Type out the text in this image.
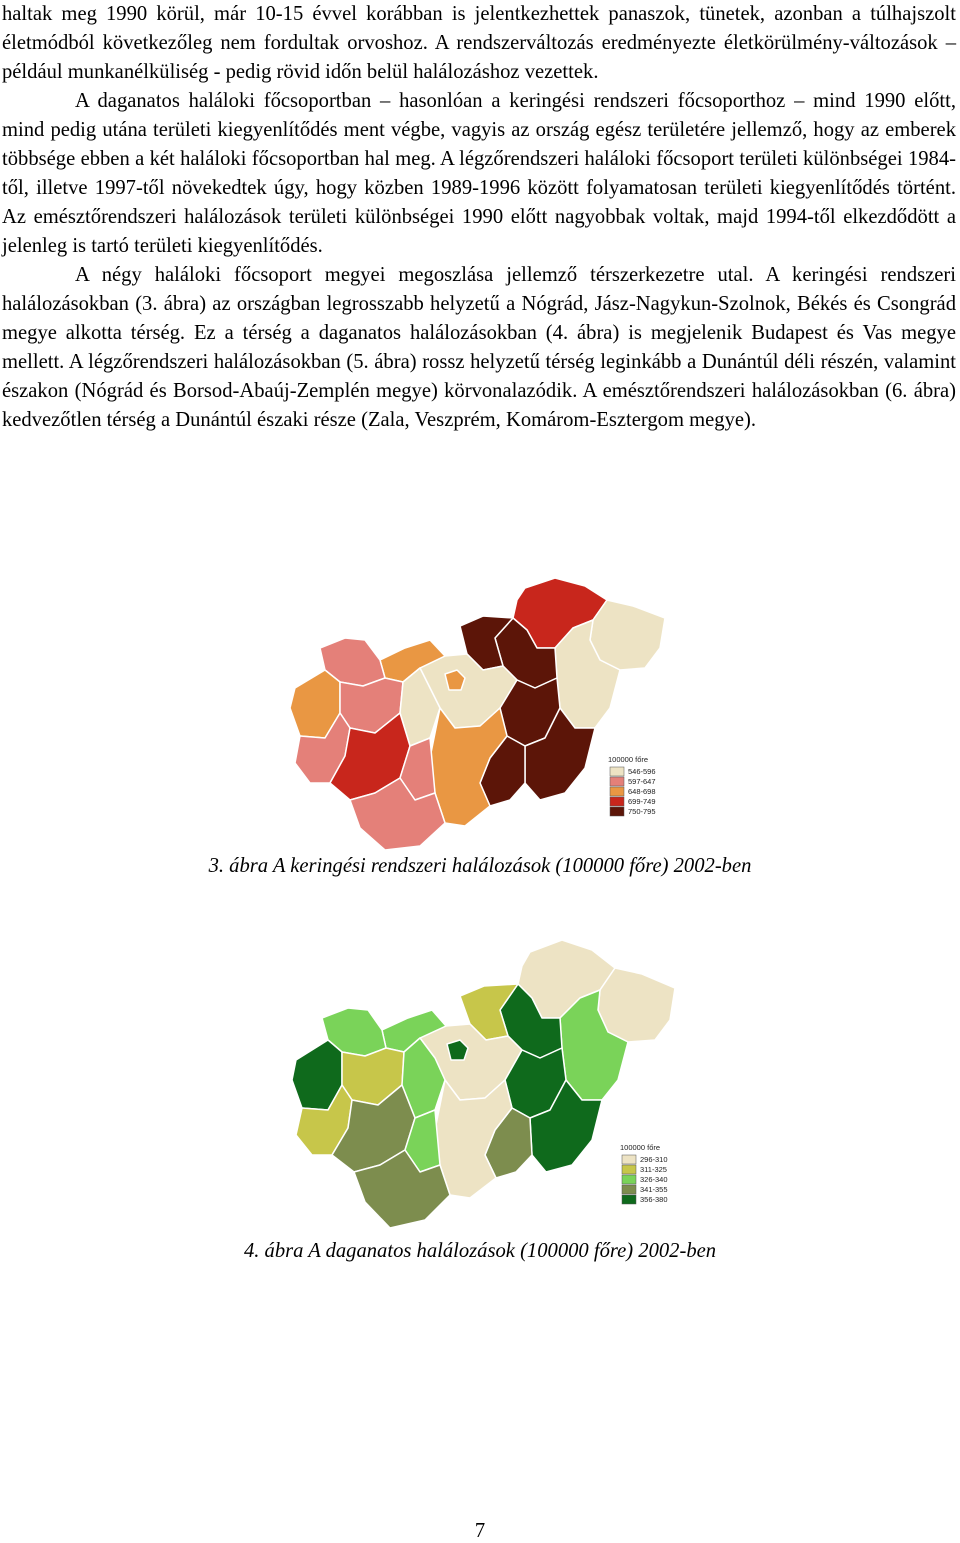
haltak meg 1990 körül, már 10-15 évvel korábban is jelentkezhettek panaszok, tünetek, azonban a túlhajszolt életmódból következőleg nem fordultak orvoshoz. A rendszerváltozás eredményezte életkörülmény-változások – például munkanélküliség - pedig rövid időn belül halálozáshoz vezettek.

A daganatos haláloki főcsoportban – hasonlóan a keringési rendszeri főcsoporthoz – mind 1990 előtt, mind pedig utána területi kiegyenlítődés ment végbe, vagyis az ország egész területére jellemző, hogy az emberek többsége ebben a két haláloki főcsoportban hal meg. A légzőrendszeri haláloki főcsoport területi különbségei 1984-től, illetve 1997-től növekedtek úgy, hogy közben 1989-1996 között folyamatosan területi kiegyenlítődés történt. Az emésztőrendszeri halálozások területi különbségei 1990 előtt nagyobbak voltak, majd 1994-től elkezdődött a jelenleg is tartó területi kiegyenlítődés.

A négy haláloki főcsoport megyei megoszlása jellemző térszerkezetre utal. A keringési rendszeri halálozásokban (3. ábra) az országban legrosszabb helyzetű a Nógrád, Jász-Nagykun-Szolnok, Békés és Csongrád megye alkotta térség. Ez a térség a daganatos halálozásokban (4. ábra) is megjelenik Budapest és Vas megye mellett. A légzőrendszeri halálozásokban (5. ábra) rossz helyzetű térség leginkább a Dunántúl déli részén, valamint északon (Nógrád és Borsod-Abaúj-Zemplén megye) körvonalazódik. A emésztőrendszeri halálozásokban (6. ábra) kedvezőtlen térség a Dunántúl északi része (Zala, Veszprém, Komárom-Esztergom megye).

100000 főre
546-596
597-647
648-698
699-749
750-795
3. ábra A keringési rendszeri halálozások (100000 főre) 2002-ben
100000 főre
296-310
311-325
326-340
341-355
356-380
4. ábra A daganatos halálozások (100000 főre) 2002-ben
7
